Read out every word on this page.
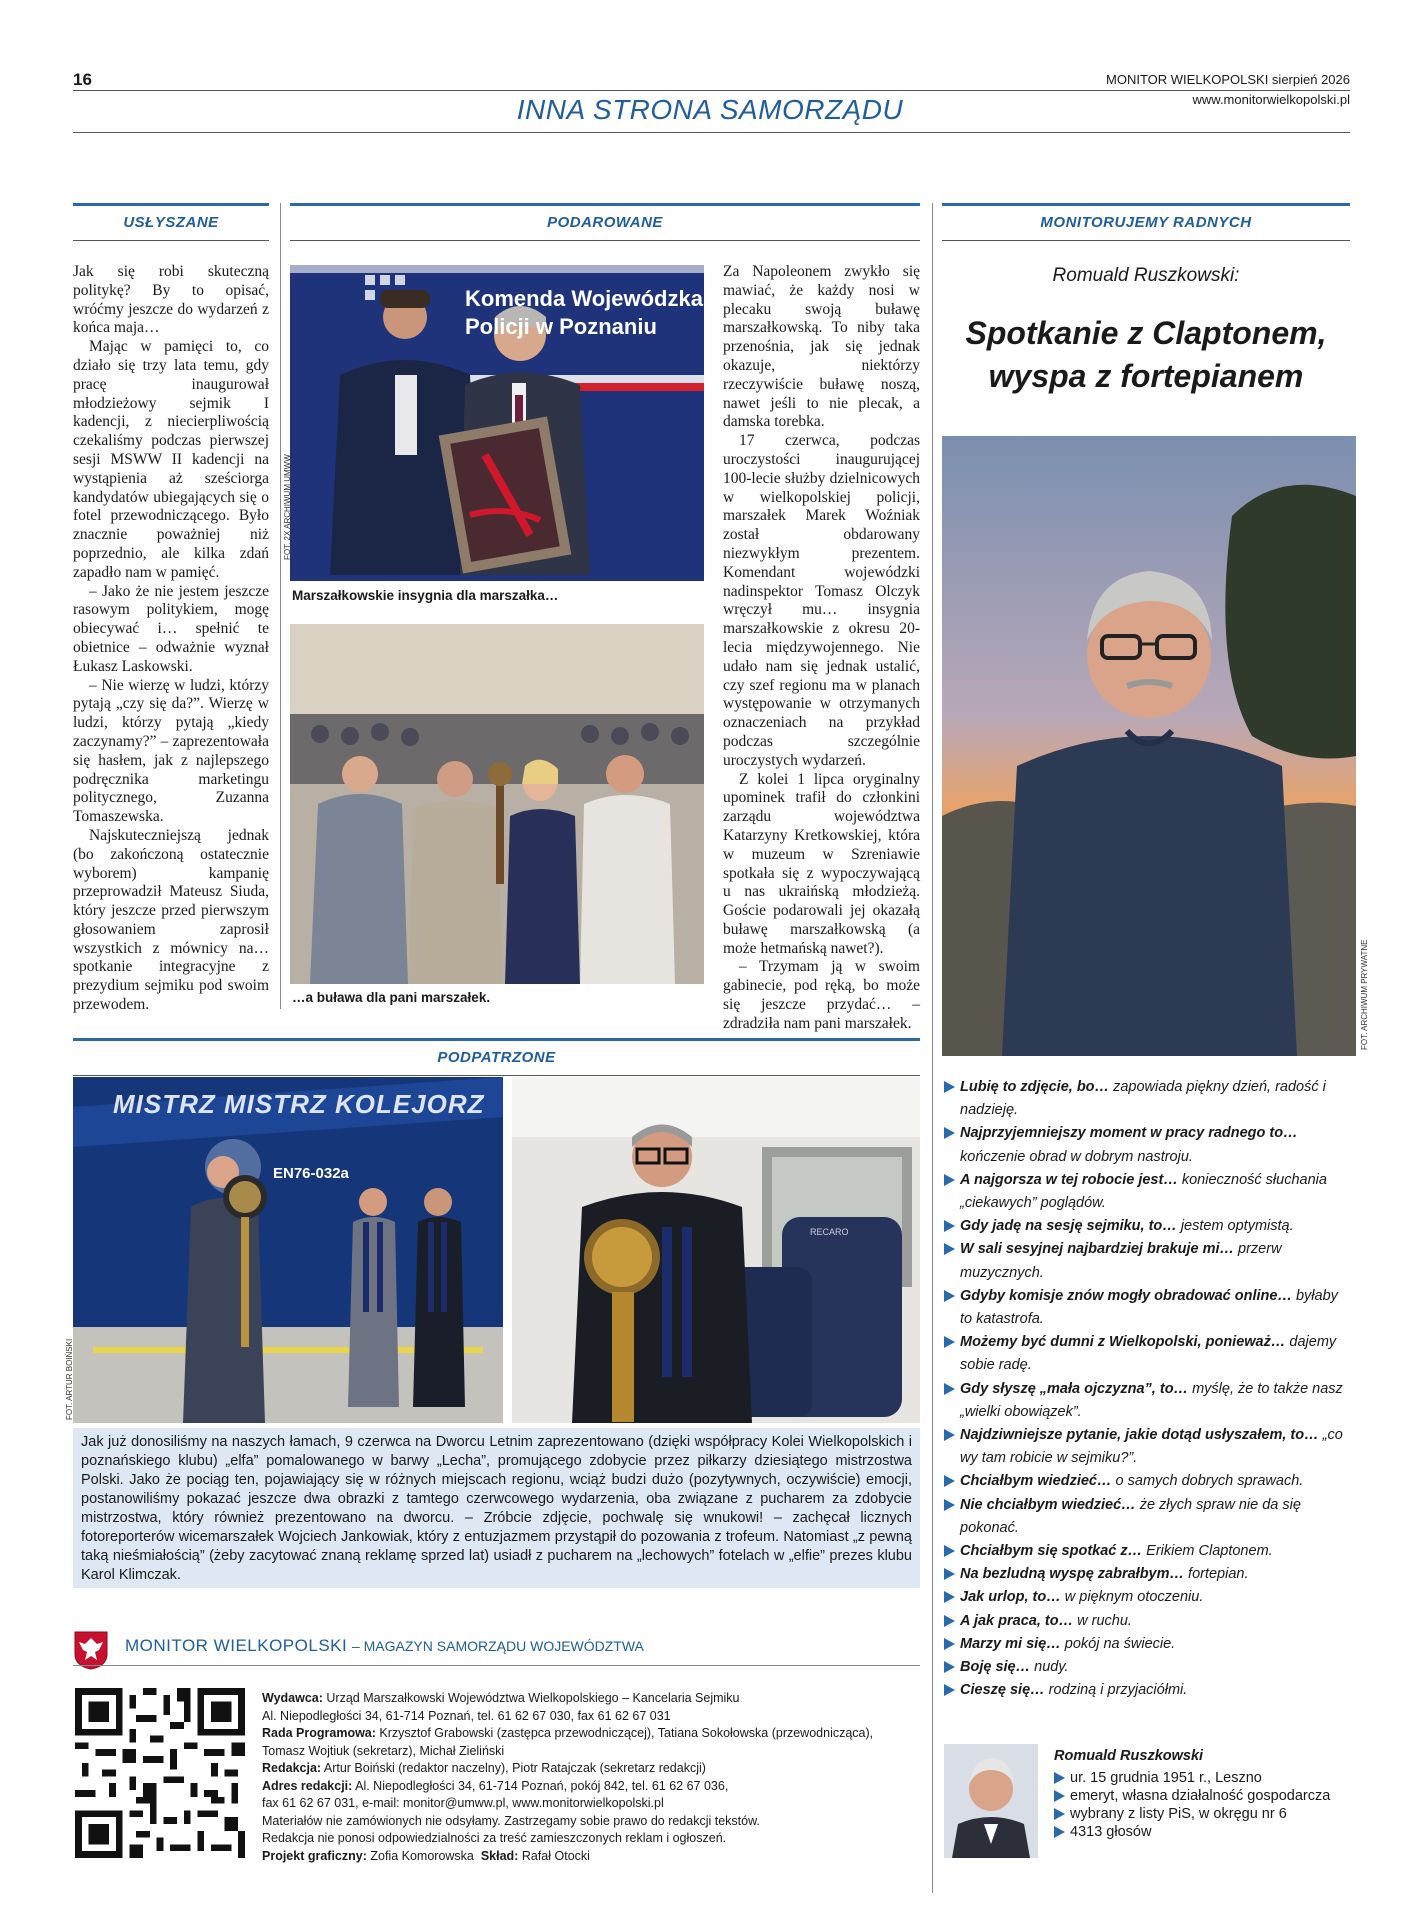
16	MONITOR WIELKOPOLSKI sierpień 2026
www.monitorwielkopolski.pl
INNA STRONA SAMORZĄDU
USŁYSZANE

Jak się robi skuteczną politykę? By to opisać, wróćmy jeszcze do wydarzeń z końca maja…

Mając w pamięci to, co działo się trzy lata temu, gdy pracę inaugurował młodzieżowy sejmik I kadencji, z niecierpliwością czekaliśmy podczas pierwszej sesji MSWW II kadencji na wystąpienia aż sześciorga kandydatów ubiegających się o fotel przewodniczącego. Było znacznie poważniej niż poprzednio, ale kilka zdań zapadło nam w pamięć.

– Jako że nie jestem jeszcze rasowym politykiem, mogę obiecywać i… spełnić te obietnice – odważnie wyznał Łukasz Laskowski.

– Nie wierzę w ludzi, którzy pytają „czy się da?”. Wierzę w ludzi, którzy pytają „kiedy zaczynamy?” – zaprezentowała się hasłem, jak z najlepszego podręcznika marketingu politycznego, Zuzanna Tomaszewska.

Najskuteczniejszą jednak (bo zakończoną ostatecznie wyborem) kampanię przeprowadził Mateusz Siuda, który jeszcze przed pierwszym głosowaniem zaprosił wszystkich z mównicy na… spotkanie integracyjne z prezydium sejmiku pod swoim przewodem.

PODAROWANE
Komenda Wojewódzka Policji w Poznaniu
FOT. 2X ARCHIWUM UMWW
Marszałkowskie insygnia dla marszałka…
…a buława dla pani marszałek.

Za Napoleonem zwykło się mawiać, że każdy nosi w plecaku swoją buławę marszałkowską. To niby taka przenośnia, jak się jednak okazuje, niektórzy rzeczywiście buławę noszą, nawet jeśli to nie plecak, a damska torebka.

17 czerwca, podczas uroczystości inaugurującej 100-lecie służby dzielnicowych w wielkopolskiej policji, marszałek Marek Woźniak został obdarowany niezwykłym prezentem. Komendant wojewódzki nadinspektor Tomasz Olczyk wręczył mu… insygnia marszałkowskie z okresu 20-lecia międzywojennego. Nie udało nam się jednak ustalić, czy szef regionu ma w planach występowanie w otrzymanych oznaczeniach na przykład podczas szczególnie uroczystych wydarzeń.

Z kolei 1 lipca oryginalny upominek trafił do członkini zarządu województwa Katarzyny Kretkowskiej, która w muzeum w Szreniawie spotkała się z wypoczywającą u nas ukraińską młodzieżą. Goście podarowali jej okazałą buławę marszałkowską (a może hetmańską nawet?).

– Trzymam ją w swoim gabinecie, pod ręką, bo może się jeszcze przydać… – zdradziła nam pani marszałek.

MONITORUJEMY RADNYCH
Romuald Ruszkowski:
Spotkanie z Claptonem, wyspa z fortepianem
FOT. ARCHIWUM PRYWATNE
Lubię to zdjęcie, bo… zapowiada piękny dzień, radość i nadzieję.
Najprzyjemniejszy moment w pracy radnego to… kończenie obrad w dobrym nastroju.
A najgorsza w tej robocie jest… konieczność słuchania „ciekawych” poglądów.
Gdy jadę na sesję sejmiku, to… jestem optymistą.
W sali sesyjnej najbardziej brakuje mi… przerw muzycznych.
Gdyby komisje znów mogły obradować online… byłaby to katastrofa.
Możemy być dumni z Wielkopolski, ponieważ… dajemy sobie radę.
Gdy słyszę „mała ojczyzna”, to… myślę, że to także nasz „wielki obowiązek”.
Najdziwniejsze pytanie, jakie dotąd usłyszałem, to… „co wy tam robicie w sejmiku?”.
Chciałbym wiedzieć… o samych dobrych sprawach.
Nie chciałbym wiedzieć… że złych spraw nie da się pokonać.
Chciałbym się spotkać z… Erikiem Claptonem.
Na bezludną wyspę zabrałbym… fortepian.
Jak urlop, to… w pięknym otoczeniu.
A jak praca, to… w ruchu.
Marzy mi się… pokój na świecie.
Boję się… nudy.
Cieszę się… rodziną i przyjaciółmi.
Romuald Ruszkowski
ur. 15 grudnia 1951 r., Leszno
emeryt, własna działalność gospodarcza
wybrany z listy PiS, w okręgu nr 6
4313 głosów
PODPATRZONE
MISTRZ MISTRZ KOLEJORZ
EN76-032a
FOT. ARTUR BOIŃSKI
RECARO
Jak już donosiliśmy na naszych łamach, 9 czerwca na Dworcu Letnim zaprezentowano (dzięki współpracy Kolei Wielkopolskich i poznańskiego klubu) „elfa” pomalowanego w barwy „Lecha”, promującego zdobycie przez piłkarzy dziesiątego mistrzostwa Polski. Jako że pociąg ten, pojawiający się w różnych miejscach regionu, wciąż budzi dużo (pozytywnych, oczywiście) emocji, postanowiliśmy pokazać jeszcze dwa obrazki z tamtego czerwcowego wydarzenia, oba związane z pucharem za zdobycie mistrzostwa, który również prezentowano na dworcu. – Zróbcie zdjęcie, pochwalę się wnukowi! – zachęcał licznych fotoreporterów wicemarszałek Wojciech Jankowiak, który z entuzjazmem przystąpił do pozowania z trofeum. Natomiast „z pewną taką nieśmiałością” (żeby zacytować znaną reklamę sprzed lat) usiadł z pucharem na „lechowych” fotelach w „elfie” prezes klubu Karol Klimczak.
MONITOR WIELKOPOLSKI – MAGAZYN SAMORZĄDU WOJEWÓDZTWA
Wydawca: Urząd Marszałkowski Województwa Wielkopolskiego – Kancelaria Sejmiku
Al. Niepodległości 34, 61-714 Poznań, tel. 61 62 67 030, fax 61 62 67 031
Rada Programowa: Krzysztof Grabowski (zastępca przewodniczącej), Tatiana Sokołowska (przewodnicząca),
Tomasz Wojtiuk (sekretarz), Michał Zieliński
Redakcja: Artur Boiński (redaktor naczelny), Piotr Ratajczak (sekretarz redakcji)
Adres redakcji: Al. Niepodległości 34, 61-714 Poznań, pokój 842, tel. 61 62 67 036,
fax 61 62 67 031, e-mail: monitor@umww.pl, www.monitorwielkopolski.pl
Materiałów nie zamówionych nie odsyłamy. Zastrzegamy sobie prawo do redakcji tekstów.
Redakcja nie ponosi odpowiedzialności za treść zamieszczonych reklam i ogłoszeń.
Projekt graficzny: Zofia Komorowska Skład: Rafał Otocki
